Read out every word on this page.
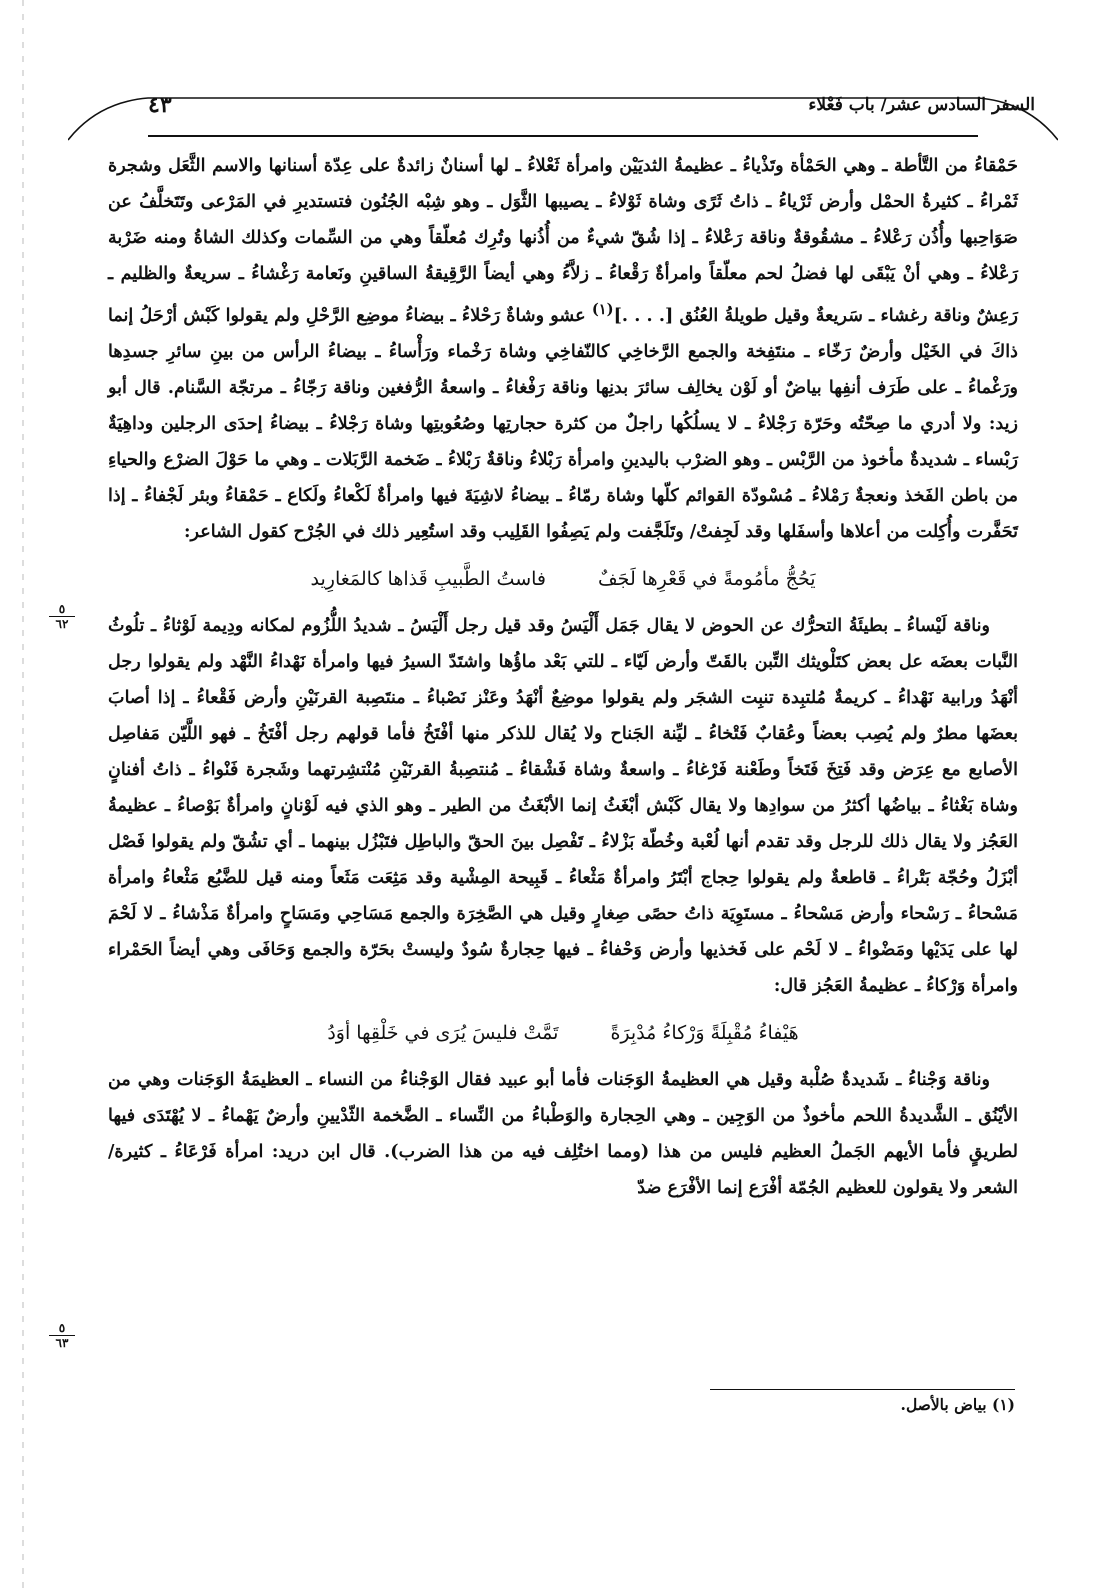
السفر السادس عشر/ باب فَعْلاء
٤٣

حَمْقاءُ من التَّأطة ـ وهي الحَمْأة وتَذْياءُ ـ عظيمةُ الثديَيْن وامرأة ثَعْلاءُ ـ لها أسنانٌ زائدةٌ على عِدّة أسنانها والاسم الثَّعَل وشجرة ثَمْراءُ ـ كثيرةُ الحمْل وأرض ثَرْياءُ ـ ذاتُ ثَرًى وشاة ثَوْلاءُ ـ يصيبها الثَّوَل ـ وهو شِبْه الجُنُون فتستديرِ في المَرْعى وتَتَخلَّفُ عن صَوَاحِبها وأُذُن رَعْلاءُ ـ مشقُوقةٌ وناقة رَعْلاءُ ـ إذا شُقّ شيءٌ من أُذُنها وتُرِك مُعلّقاً وهي من السِّمات وكذلك الشاةُ ومنه ضَرْبة رَعْلاءُ ـ وهي أنْ يَبْقَى لها فضلُ لحم معلّقاً وامرأةٌ رَقْعاءُ ـ زلاَّءُ وهي أيضاً الرَّقِيقةُ الساقينِ ونَعامة رَغْشاءُ ـ سريعةٌ والظليم ـ رَعِشٌ وناقة رغشاء ـ سَريعةٌ وقيل طويلةُ العُنُق [. . . .]$^{(١)}$ عشو وشاةٌ رَحْلاءُ ـ بيضاءُ موضِع الرَّحْلِ ولم يقولوا كَبْش أرْحَلُ إنما ذاكَ في الخَيْل وأرضٌ رَخّاء ـ منتَفِخة والجمع الرَّخاخِي كالنّفاخِي وشاة رَخْماء ورَأْساءُ ـ بيضاءُ الرأس من بينِ سائرِ جسدِها ورَغْماءُ ـ على طَرَف أنفِها بياضٌ أو لَوْن يخالِف سائرَ بدنِها وناقة رَفْغاءُ ـ واسعةُ الرُّفغين وناقة رَجّاءُ ـ مرتجّة السَّنام. قال أبو زيد: ولا أدري ما صِحّتُه وحَرّة رَجْلاءُ ـ لا يسلُكُها راجلٌ من كثرة حجارتِها وصُعُوبتِها وشاة رَجْلاءُ ـ بيضاءُ إحدَى الرجلين وداهِيَةٌ رَبْساء ـ شديدةٌ مأخوذ من الرَّبْس ـ وهو الضرْب باليدينِ وامرأة رَبْلاءُ وناقةٌ رَبْلاءُ ـ ضَخمة الرَّبَلات ـ وهي ما حَوْلَ الضرْع والحياءِ من باطن الفَخذ ونعجةٌ رَمْلاءُ ـ مُسْودّة القوائم كلّها وشاة رمّاءُ ـ بيضاءُ لاشِيَةَ فيها وامرأةٌ لَكْعاءُ ولَكاع ـ حَمْقاءُ وبئر لَجْفاءُ ـ إذا تَحَفَّرت وأُكِلت من أعلاها وأسفَلها وقد لَجِفتْ/ وتَلَجَّفت ولم يَصِفُوا القَلِيب وقد استُعِير ذلك في الجُرْح كقول الشاعر:

يَحُجُّ مأمُومةً في قَعْرِها لَجَفٌ
فاستُ الطَّبيبِ قَذاها كالمَغارِيد

وناقة لَيْساءُ ـ بطيئَةُ التحرُّك عن الحوض لا يقال جَمَل أَلْيَسُ وقد قيل رجل أَلْيَسُ ـ شديدُ اللُّزُوم لمكانه ودِيمة لَوْثاءُ ـ تلُوثُ النَّبات بعضَه عل بعض كتَلْويثك التِّبن بالقَتّ وأرض لَيّاء ـ للتي بَعْد ماؤُها واشتَدّ السيرُ فيها وامرأة نَهْداءُ النَّهْد ولم يقولوا رجل أنْهَدُ ورابية نَهْداءُ ـ كريمةٌ مُلتبِدة تنبِت الشجَر ولم يقولوا موضِعٌ أنْهَدُ وعَنْز نَصْباءُ ـ منتَصِبة القرنَيْنِ وأرض فَقْعاءُ ـ إذا أصابَ بعضَها مطرٌ ولم يُصِب بعضاً وعُقابٌ فَتْخاءُ ـ ليِّنة الجَناح ولا يُقال للذكر منها أفْتَخُ فأما قولهم رجل أفْتَخُ ـ فهو اللَّيّن مَفاصِل الأصابع مع عِرَض وقد فَتِخَ فَتَخاً وطَعْنة فَرْغاءُ ـ واسعةٌ وشاة فَشْقاءُ ـ مُنتصِبةُ القرنَيْنِ مُنْتشِرتهما وشَجرة فَنْواءُ ـ ذاتُ أفنانٍ وشاة بَغْثاءُ ـ بياضُها أكثرُ من سوادِها ولا يقال كَبْش أبْغَثُ إنما الأبْغَثُ من الطير ـ وهو الذي فيه لَوْنانٍ وامرأةٌ بَوْصاءُ ـ عظيمةُ العَجُز ولا يقال ذلك للرجل وقد تقدم أنها لُعْبة وخُطّة بَزْلاءُ ـ تَفْصِل بينَ الحقّ والباطِل فتَبْزُل بينهما ـ أي تشُقّ ولم يقولوا فَصْل أبْزَلُ وحُجّة بَتْراءُ ـ قاطعةٌ ولم يقولوا حِجاج أبْتَرُ وامرأةٌ مَثْعاءُ ـ قَبِيحة المِشْية وقد مَثِعَت مَثَعاً ومنه قيل للضَّبُع مَثْعاءُ وامرأة مَسْحاءُ ـ رَسْحاء وأرض مَسْحاءُ ـ مستَوِيَة ذاتُ حصًى صِغارٍ وقيل هي الصَّخِرَة والجمع مَسَاحِي ومَسَاحٍ وامرأةٌ مَذْشاءُ ـ لا لَحْمَ لها على يَدَيْها ومَضْواءُ ـ لا لَحْم على فَخذيها وأرض وَحْفاءُ ـ فيها حِجارةٌ سُودٌ وليستْ بحَرّة والجمع وَحَافَى وهي أيضاً الحَمْراء وامرأة وَرْكاءُ ـ عظيمةُ العَجُز قال:

هَيْفاءُ مُقْبِلَةً وَرْكاءُ مُدْبِرَةً
تَمَّتْ فليسَ يُرَى في خَلْقِها أوَدُ

وناقة وَجْناءُ ـ شَديدةٌ صُلْبة وقيل هي العظيمةُ الوَجَنات فأما أبو عبيد فقال الوَجْناءُ من النساء ـ العظيمَةُ الوَجَنات وهي من الأيْنُق ـ الشَّديدةُ اللحم مأخوذٌ من الوَجِين ـ وهي الحِجارة والوَطْباءُ من النِّساء ـ الضَّخمة الثّدْيينِ وأرضٌ يَهْماءُ ـ لا يُهْتَدَى فيها لطريقٍ فأما الأيهم الجَملُ العظيم فليس من هذا (ومما اختُلِف فيه من هذا الضرب). قال ابن دريد: امرأة فَرْعَاءُ ـ كثيرة/ الشعر ولا يقولون للعظيم الجُمّة أفْرَع إنما الأفْرَع ضدّ

٥
٦٢
٥
٦٣
(١) بياض بالأصل.
